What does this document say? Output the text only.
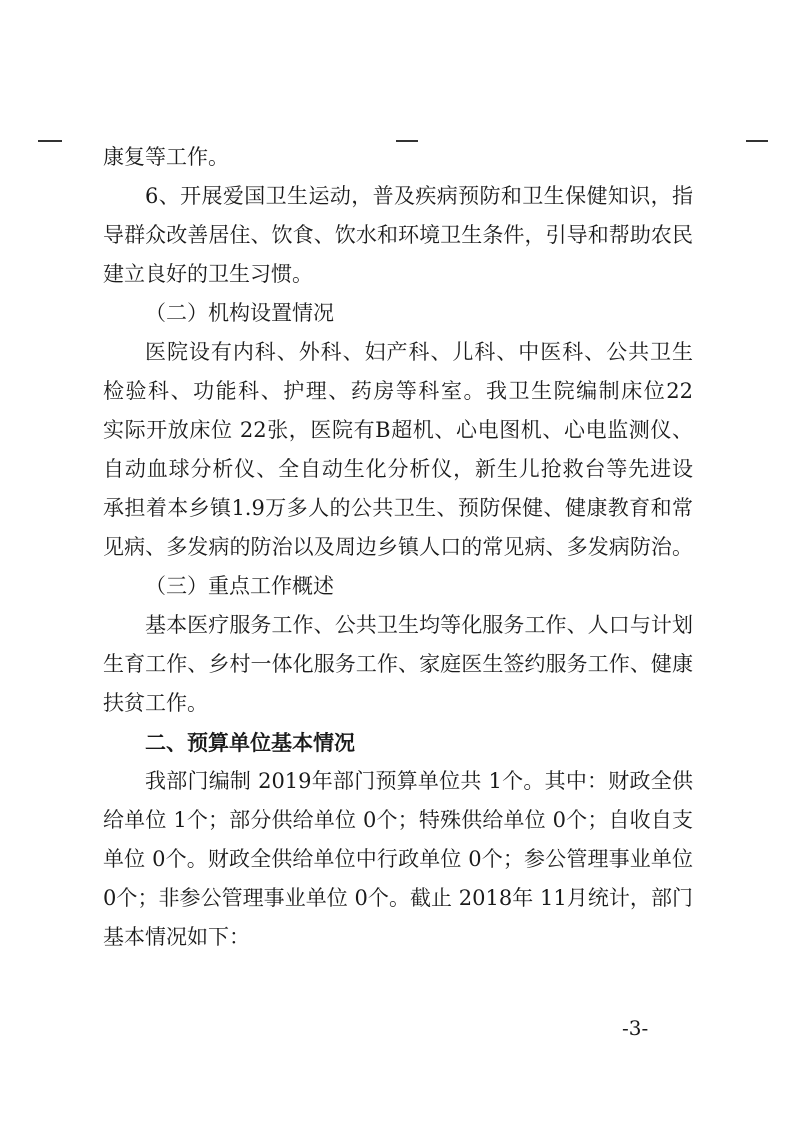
康复等工作。
6、开展爱国卫生运动，普及疾病预防和卫生保健知识，指
导群众改善居住、饮食、饮水和环境卫生条件，引导和帮助农民
建立良好的卫生习惯。
（二）机构设置情况
医院设有内科、外科、妇产科、儿科、中医科、公共卫生
检验科、功能科、护理、药房等科室。我卫生院编制床位22
实际开放床位 22张，医院有B超机、心电图机、心电监测仪、
自动血球分析仪、全自动生化分析仪，新生儿抢救台等先进设
承担着本乡镇1.9万多人的公共卫生、预防保健、健康教育和常
见病、多发病的防治以及周边乡镇人口的常见病、多发病防治。
（三）重点工作概述
基本医疗服务工作、公共卫生均等化服务工作、人口与计划
生育工作、乡村一体化服务工作、家庭医生签约服务工作、健康
扶贫工作。
二、预算单位基本情况
我部门编制 2019年部门预算单位共 1个。其中：财政全供
给单位 1个；部分供给单位 0个；特殊供给单位 0个；自收自支
单位 0个。财政全供给单位中行政单位 0个；参公管理事业单位
0个；非参公管理事业单位 0个。截止 2018年 11月统计，部门
基本情况如下：
-3-
